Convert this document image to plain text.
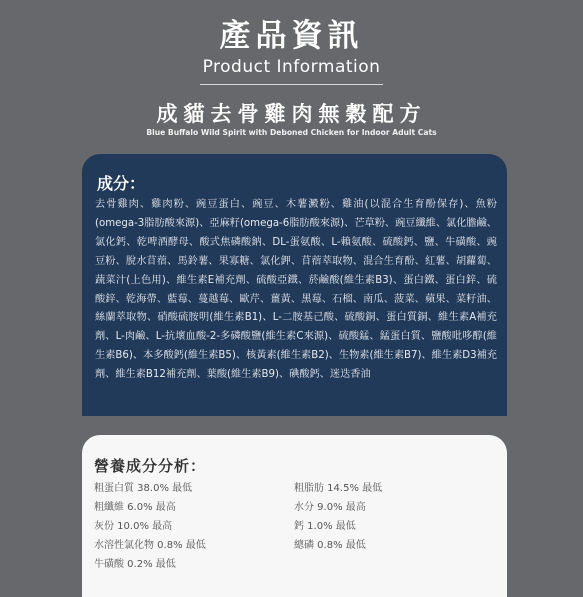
產品資訊
Product Information
成貓去骨雞肉無穀配方
Blue Buffalo Wild Spirit with Deboned Chicken for Indoor Adult Cats
成分：
去骨雞肉、雞肉粉、豌豆蛋白、豌豆、木薯澱粉、雞油(以混合生育酚保存)、魚粉(omega-3脂肪酸來源)、亞麻籽(omega-6脂肪酸來源)、芒草粉、豌豆纖維、氯化膽鹼、氯化鈣、乾啤酒酵母、酸式焦磷酸鈉、DL-蛋氨酸、L-賴氨酸、硫酸鈣、鹽、牛磺酸、豌豆粉、脫水苜蓿、馬鈴薯、果寡糖、氯化鉀、苜蓿萃取物、混合生育酚、紅薯、胡蘿蔔、蔬菜汁(上色用)、維生素E補充劑、硫酸亞鐵、菸鹼酸(維生素B3)、蛋白鐵、蛋白鋅、硫酸鋅、乾海帶、藍莓、蔓越莓、歐芹、薑黃、黑莓、石榴、南瓜、菠菜、蘋果、菜籽油、絲蘭萃取物、硝酸硫胺明(維生素B1)、L-二胺基己酸、硫酸銅、蛋白質銅、維生素A補充劑、L-肉鹼、L-抗壞血酸-2-多磷酸鹽(維生素C來源)、硫酸錳、錳蛋白質、鹽酸吡哆醇(維生素B6)、本多酸鈣(維生素B5)、核黃素(維生素B2)、生物素(維生素B7)、維生素D3補充劑、維生素B12補充劑、葉酸(維生素B9)、碘酸鈣、迷迭香油
營養成分分析：
粗蛋白質 38.0% 最低
粗纖維 6.0% 最高
灰份 10.0% 最高
水溶性氯化物 0.8% 最低
牛磺酸 0.2% 最低
粗脂肪 14.5% 最低
水分 9.0% 最高
鈣 1.0% 最低
總磷 0.8% 最低
